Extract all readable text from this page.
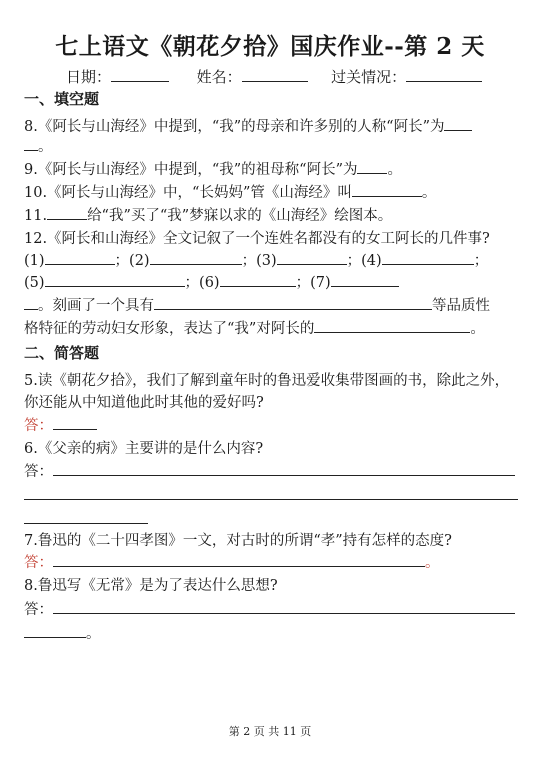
七上语文《朝花夕拾》国庆作业--第 2 天
日期：	姓名：	过关情况：
一、填空题
8.《阿长与山海经》中提到，“我”的母亲和许多别的人称“阿长”为
。
9.《阿长与山海经》中提到，“我”的祖母称“阿长”为 。
10.《阿长与山海经》中，“长妈妈”管《山海经》叫	。
11.	给“我”买了“我”梦寐以求的《山海经》绘图本。
12.《阿长和山海经》全文记叙了一个连姓名都没有的女工阿长的几件事?
(1)	；(2)	；(3)	；(4)	；
(5)	；(6)	；(7)
。刻画了一个具有	等品质性
格特征的劳动妇女形象，表达了“我”对阿长的	。
二、简答题
5.读《朝花夕拾》，我们了解到童年时的鲁迅爱收集带图画的书，除此之外，
你还能从中知道他此时其他的爱好吗?
答：
6.《父亲的病》主要讲的是什么内容?
答：
7.鲁迅的《二十四孝图》一文，对古时的所谓“孝”持有怎样的态度?
答：	。
8.鲁迅写《无常》是为了表达什么思想?
答：
。
第 2 页 共 11 页
